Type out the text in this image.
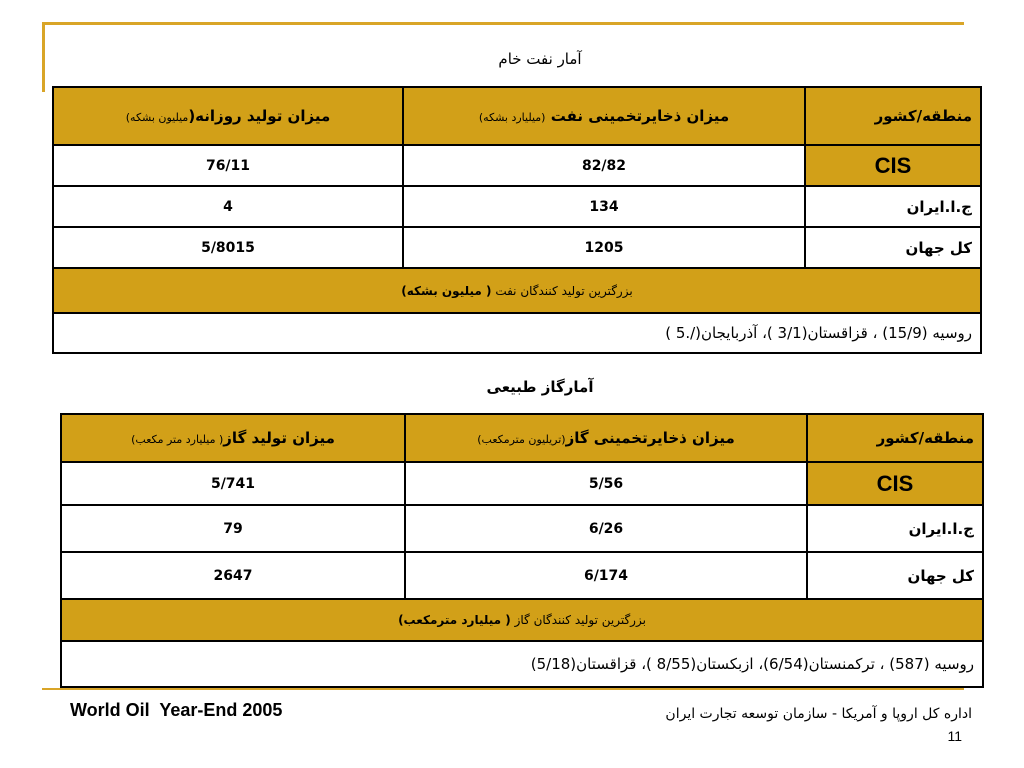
آمار نفت خام
منطقه/کشور	میزان ذخایرتخمینی نفت (میلیارد بشکه)	میزان تولید روزانه(میلیون بشکه)
CIS	82/82	76/11
ج.ا.ایران	134	4
کل جهان	1205	5/8015
بزرگترین تولید کنندگان نفت ( میلیون بشکه)		
روسیه (15/9) ، قزاقستان(3/1 )، آذربایجان(/.5 )		
آمارگاز طبیعی
منطقه/کشور	میزان ذخایرتخمینی گاز(تریلیون مترمکعب)	میزان تولید گاز( میلیارد متر مکعب)
CIS	5/56	5/741
ج.ا.ایران	6/26	79
کل جهان	6/174	2647
بزرگترین تولید کنندگان گاز ( میلیارد مترمکعب)		
روسیه (587) ، ترکمنستان(6/54)، ازبکستان(8/55 )، قزاقستان(5/18)		
World Oil  Year-End 2005	اداره کل اروپا و آمریکا - سازمان توسعه تجارت ایران
11
